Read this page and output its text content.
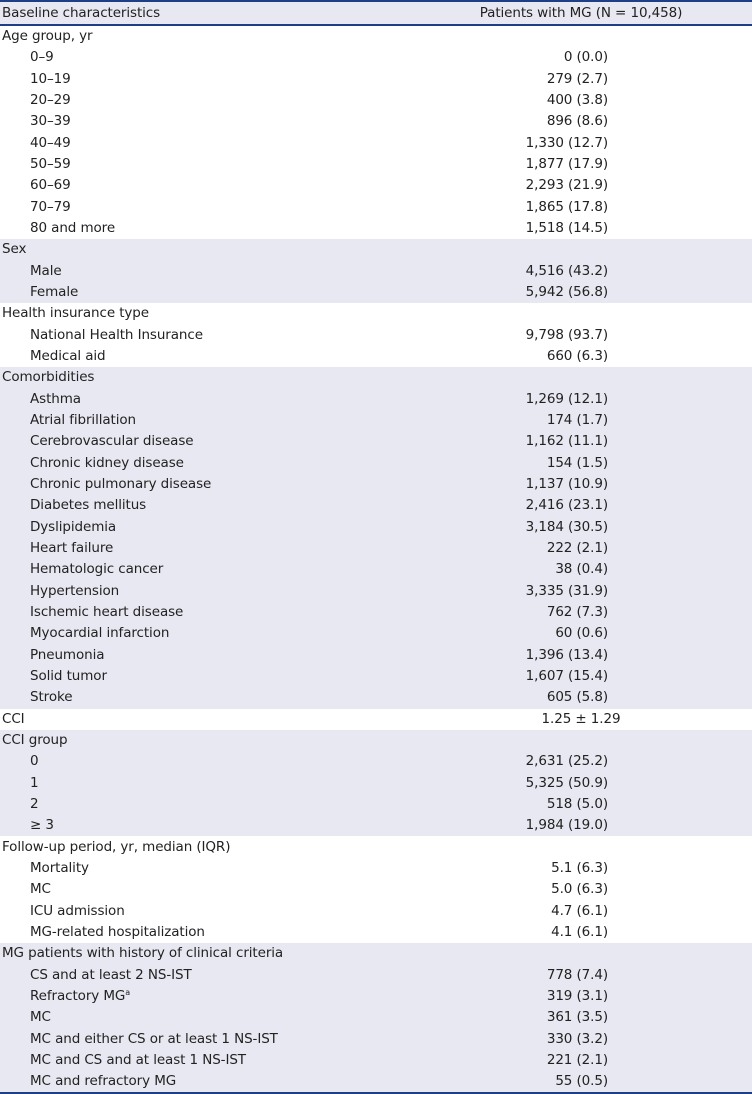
Baseline characteristics	Patients with MG (N = 10,458)
Age group, yr	
0–9	0 (0.0)
10–19	279 (2.7)
20–29	400 (3.8)
30–39	896 (8.6)
40–49	1,330 (12.7)
50–59	1,877 (17.9)
60–69	2,293 (21.9)
70–79	1,865 (17.8)
80 and more	1,518 (14.5)
Sex	
Male	4,516 (43.2)
Female	5,942 (56.8)
Health insurance type	
National Health Insurance	9,798 (93.7)
Medical aid	660 (6.3)
Comorbidities	
Asthma	1,269 (12.1)
Atrial fibrillation	174 (1.7)
Cerebrovascular disease	1,162 (11.1)
Chronic kidney disease	154 (1.5)
Chronic pulmonary disease	1,137 (10.9)
Diabetes mellitus	2,416 (23.1)
Dyslipidemia	3,184 (30.5)
Heart failure	222 (2.1)
Hematologic cancer	38 (0.4)
Hypertension	3,335 (31.9)
Ischemic heart disease	762 (7.3)
Myocardial infarction	60 (0.6)
Pneumonia	1,396 (13.4)
Solid tumor	1,607 (15.4)
Stroke	605 (5.8)
CCI	1.25 ± 1.29
CCI group	
0	2,631 (25.2)
1	5,325 (50.9)
2	518 (5.0)
≥ 3	1,984 (19.0)
Follow-up period, yr, median (IQR)	
Mortality	5.1 (6.3)
MC	5.0 (6.3)
ICU admission	4.7 (6.1)
MG-related hospitalization	4.1 (6.1)
MG patients with history of clinical criteria	
CS and at least 2 NS-IST	778 (7.4)
Refractory $MG^a$	319 (3.1)
MC	361 (3.5)
MC and either CS or at least 1 NS-IST	330 (3.2)
MC and CS and at least 1 NS-IST	221 (2.1)
MC and refractory MG	55 (0.5)
